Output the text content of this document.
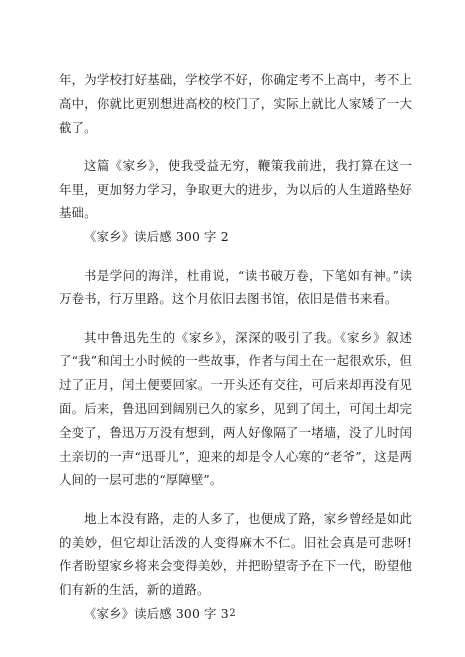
年，为学校打好基础，学校学不好，你确定考不上高中，考不上高中，你就比更别想进高校的校门了，实际上就比人家矮了一大截了。

这篇《家乡》，使我受益无穷，鞭策我前进，我打算在这一年里，更加努力学习，争取更大的进步，为以后的人生道路垫好基础。

《家乡》读后感 300 字 2

书是学问的海洋，杜甫说，“读书破万卷，下笔如有神。”读万卷书，行万里路。这个月依旧去图书馆，依旧是借书来看。

其中鲁迅先生的《家乡》，深深的吸引了我。《家乡》叙述了“我”和闰土小时候的一些故事，作者与闰土在一起很欢乐，但过了正月，闰土便要回家。一开头还有交往，可后来却再没有见面。后来，鲁迅回到阔别已久的家乡，见到了闰土，可闰土却完全变了，鲁迅万万没有想到，两人好像隔了一堵墙，没了儿时闰土亲切的一声“迅哥儿”，迎来的却是令人心寒的“老爷”，这是两人间的一层可悲的“厚障壁”。

地上本没有路，走的人多了，也便成了路，家乡曾经是如此的美妙，但它却让活泼的人变得麻木不仁。旧社会真是可悲呀!作者盼望家乡将来会变得美妙，并把盼望寄予在下一代，盼望他们有新的生活，新的道路。

《家乡》读后感 300 字 3 2
